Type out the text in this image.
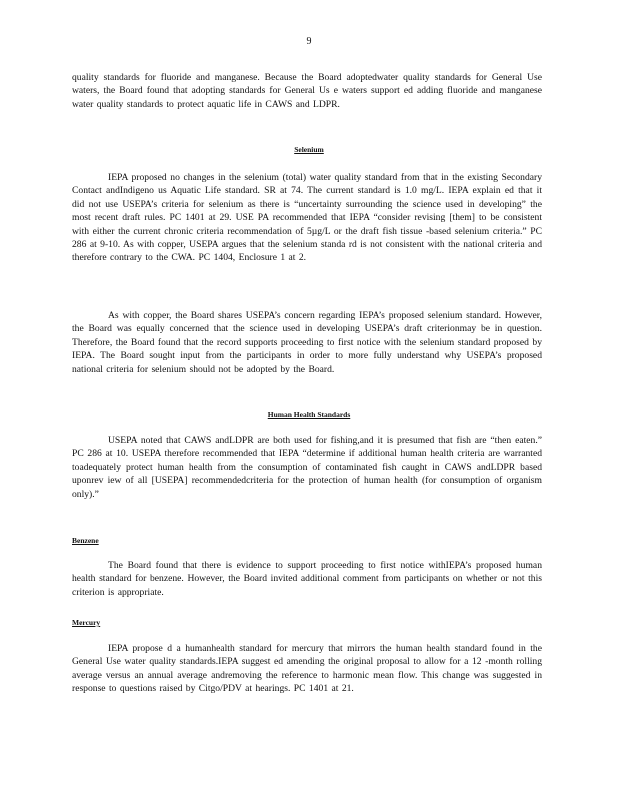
9

quality standards for fluoride and manganese. Because the Board adoptedwater quality standards for General Use waters, the Board found that adopting standards for General Us e waters support ed adding fluoride and manganese water quality standards to protect aquatic life in CAWS and LDPR.

Selenium

IEPA proposed no changes in the selenium (total) water quality standard from that in the existing Secondary Contact andIndigeno us Aquatic Life standard. SR at 74. The current standard is 1.0 mg/L. IEPA explain ed that it did not use USEPA’s criteria for selenium as there is “uncertainty surrounding the science used in developing” the most recent draft rules. PC 1401 at 29. USE PA recommended that IEPA “consider revising [them] to be consistent with either the current chronic criteria recommendation of 5µg/L or the draft fish tissue -based selenium criteria.” PC 286 at 9-10. As with copper, USEPA argues that the selenium standa rd is not consistent with the national criteria and therefore contrary to the CWA. PC 1404, Enclosure 1 at 2.

As with copper, the Board shares USEPA’s concern regarding IEPA’s proposed selenium standard. However, the Board was equally concerned that the science used in developing USEPA’s draft criterionmay be in question. Therefore, the Board found that the record supports proceeding to first notice with the selenium standard proposed by IEPA. The Board sought input from the participants in order to more fully understand why USEPA’s proposed national criteria for selenium should not be adopted by the Board.

Human Health Standards

USEPA noted that CAWS andLDPR are both used for fishing,and it is presumed that fish are “then eaten.” PC 286 at 10. USEPA therefore recommended that IEPA “determine if additional human health criteria are warranted toadequately protect human health from the consumption of contaminated fish caught in CAWS andLDPR based uponrev iew of all [USEPA] recommendedcriteria for the protection of human health (for consumption of organism only).”

Benzene

The Board found that there is evidence to support proceeding to first notice withIEPA’s proposed human health standard for benzene. However, the Board invited additional comment from participants on whether or not this criterion is appropriate.

Mercury

IEPA propose d a humanhealth standard for mercury that mirrors the human health standard found in the General Use water quality standards.IEPA suggest ed amending the original proposal to allow for a 12 -month rolling average versus an annual average andremoving the reference to harmonic mean flow. This change was suggested in response to questions raised by Citgo/PDV at hearings. PC 1401 at 21.
